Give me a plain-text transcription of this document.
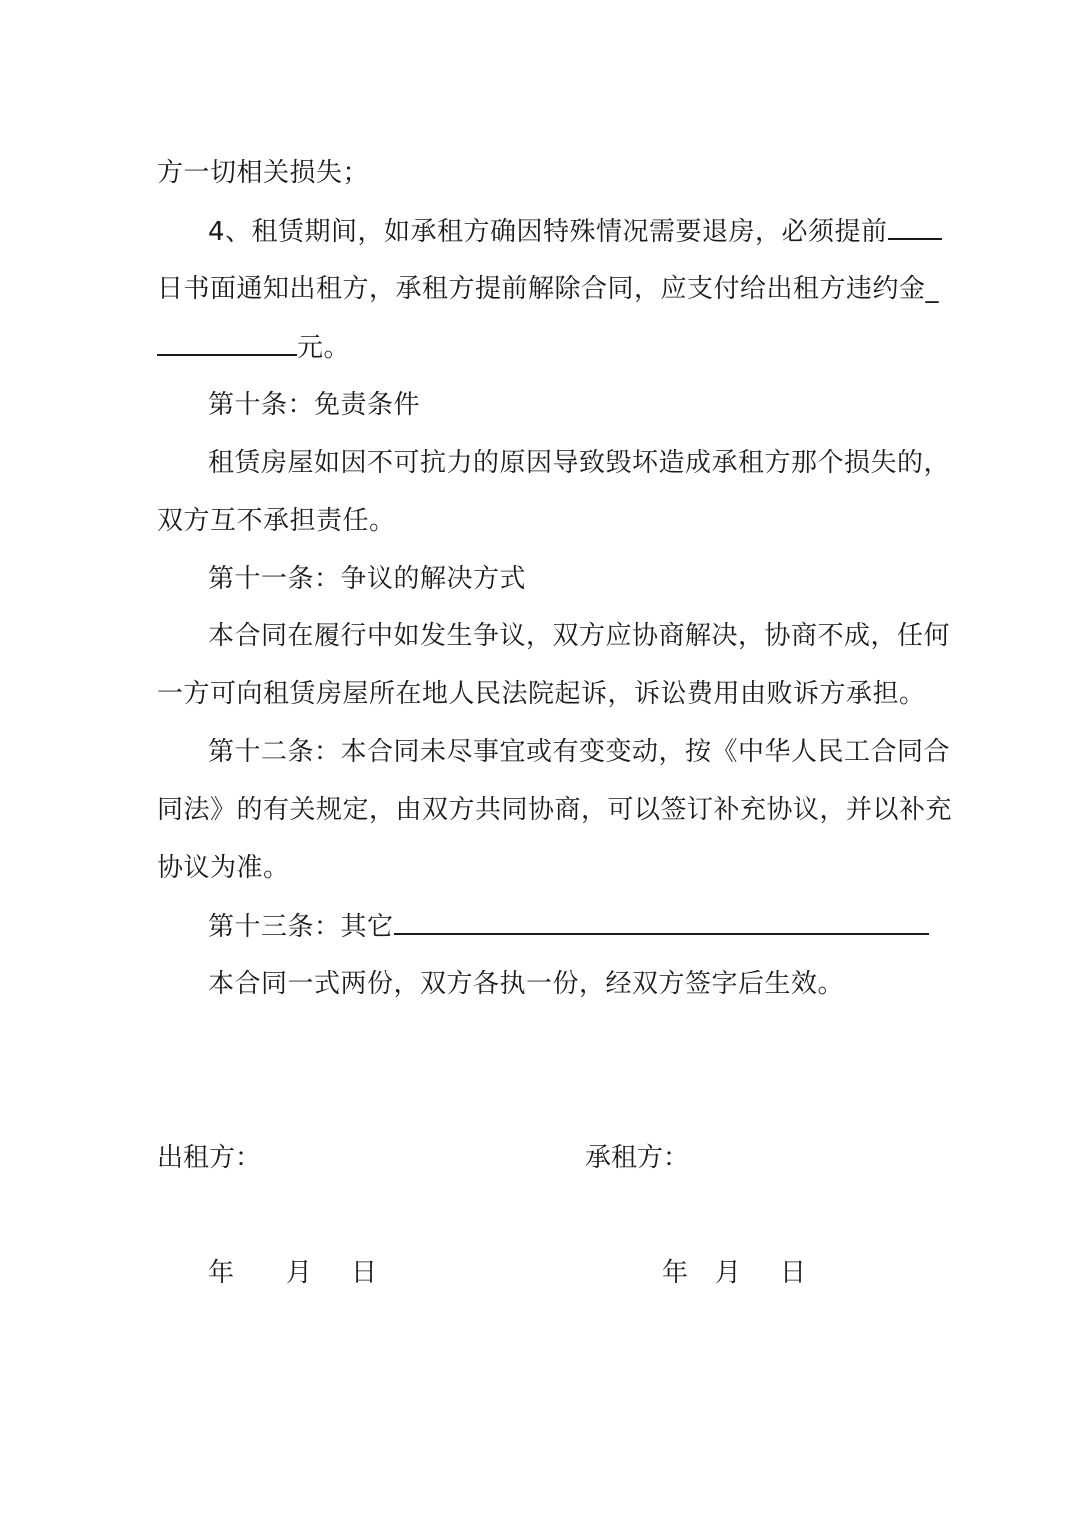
方一切相关损失；
4、租赁期间，如承租方确因特殊情况需要退房，必须提前
日书面通知出租方，承租方提前解除合同，应支付给出租方违约金_
元。
第十条：免责条件
租赁房屋如因不可抗力的原因导致毁坏造成承租方那个损失的，
双方互不承担责任。
第十一条：争议的解决方式
本合同在履行中如发生争议，双方应协商解决，协商不成，任何
一方可向租赁房屋所在地人民法院起诉，诉讼费用由败诉方承担。
第十二条：本合同未尽事宜或有变变动，按《中华人民工合同合
同法》的有关规定，由双方共同协商，可以签订补充协议，并以补充
协议为准。
第十三条：其它
本合同一式两份，双方各执一份，经双方签字后生效。
出租方：	承租方：
年 月 日	年 月 日
